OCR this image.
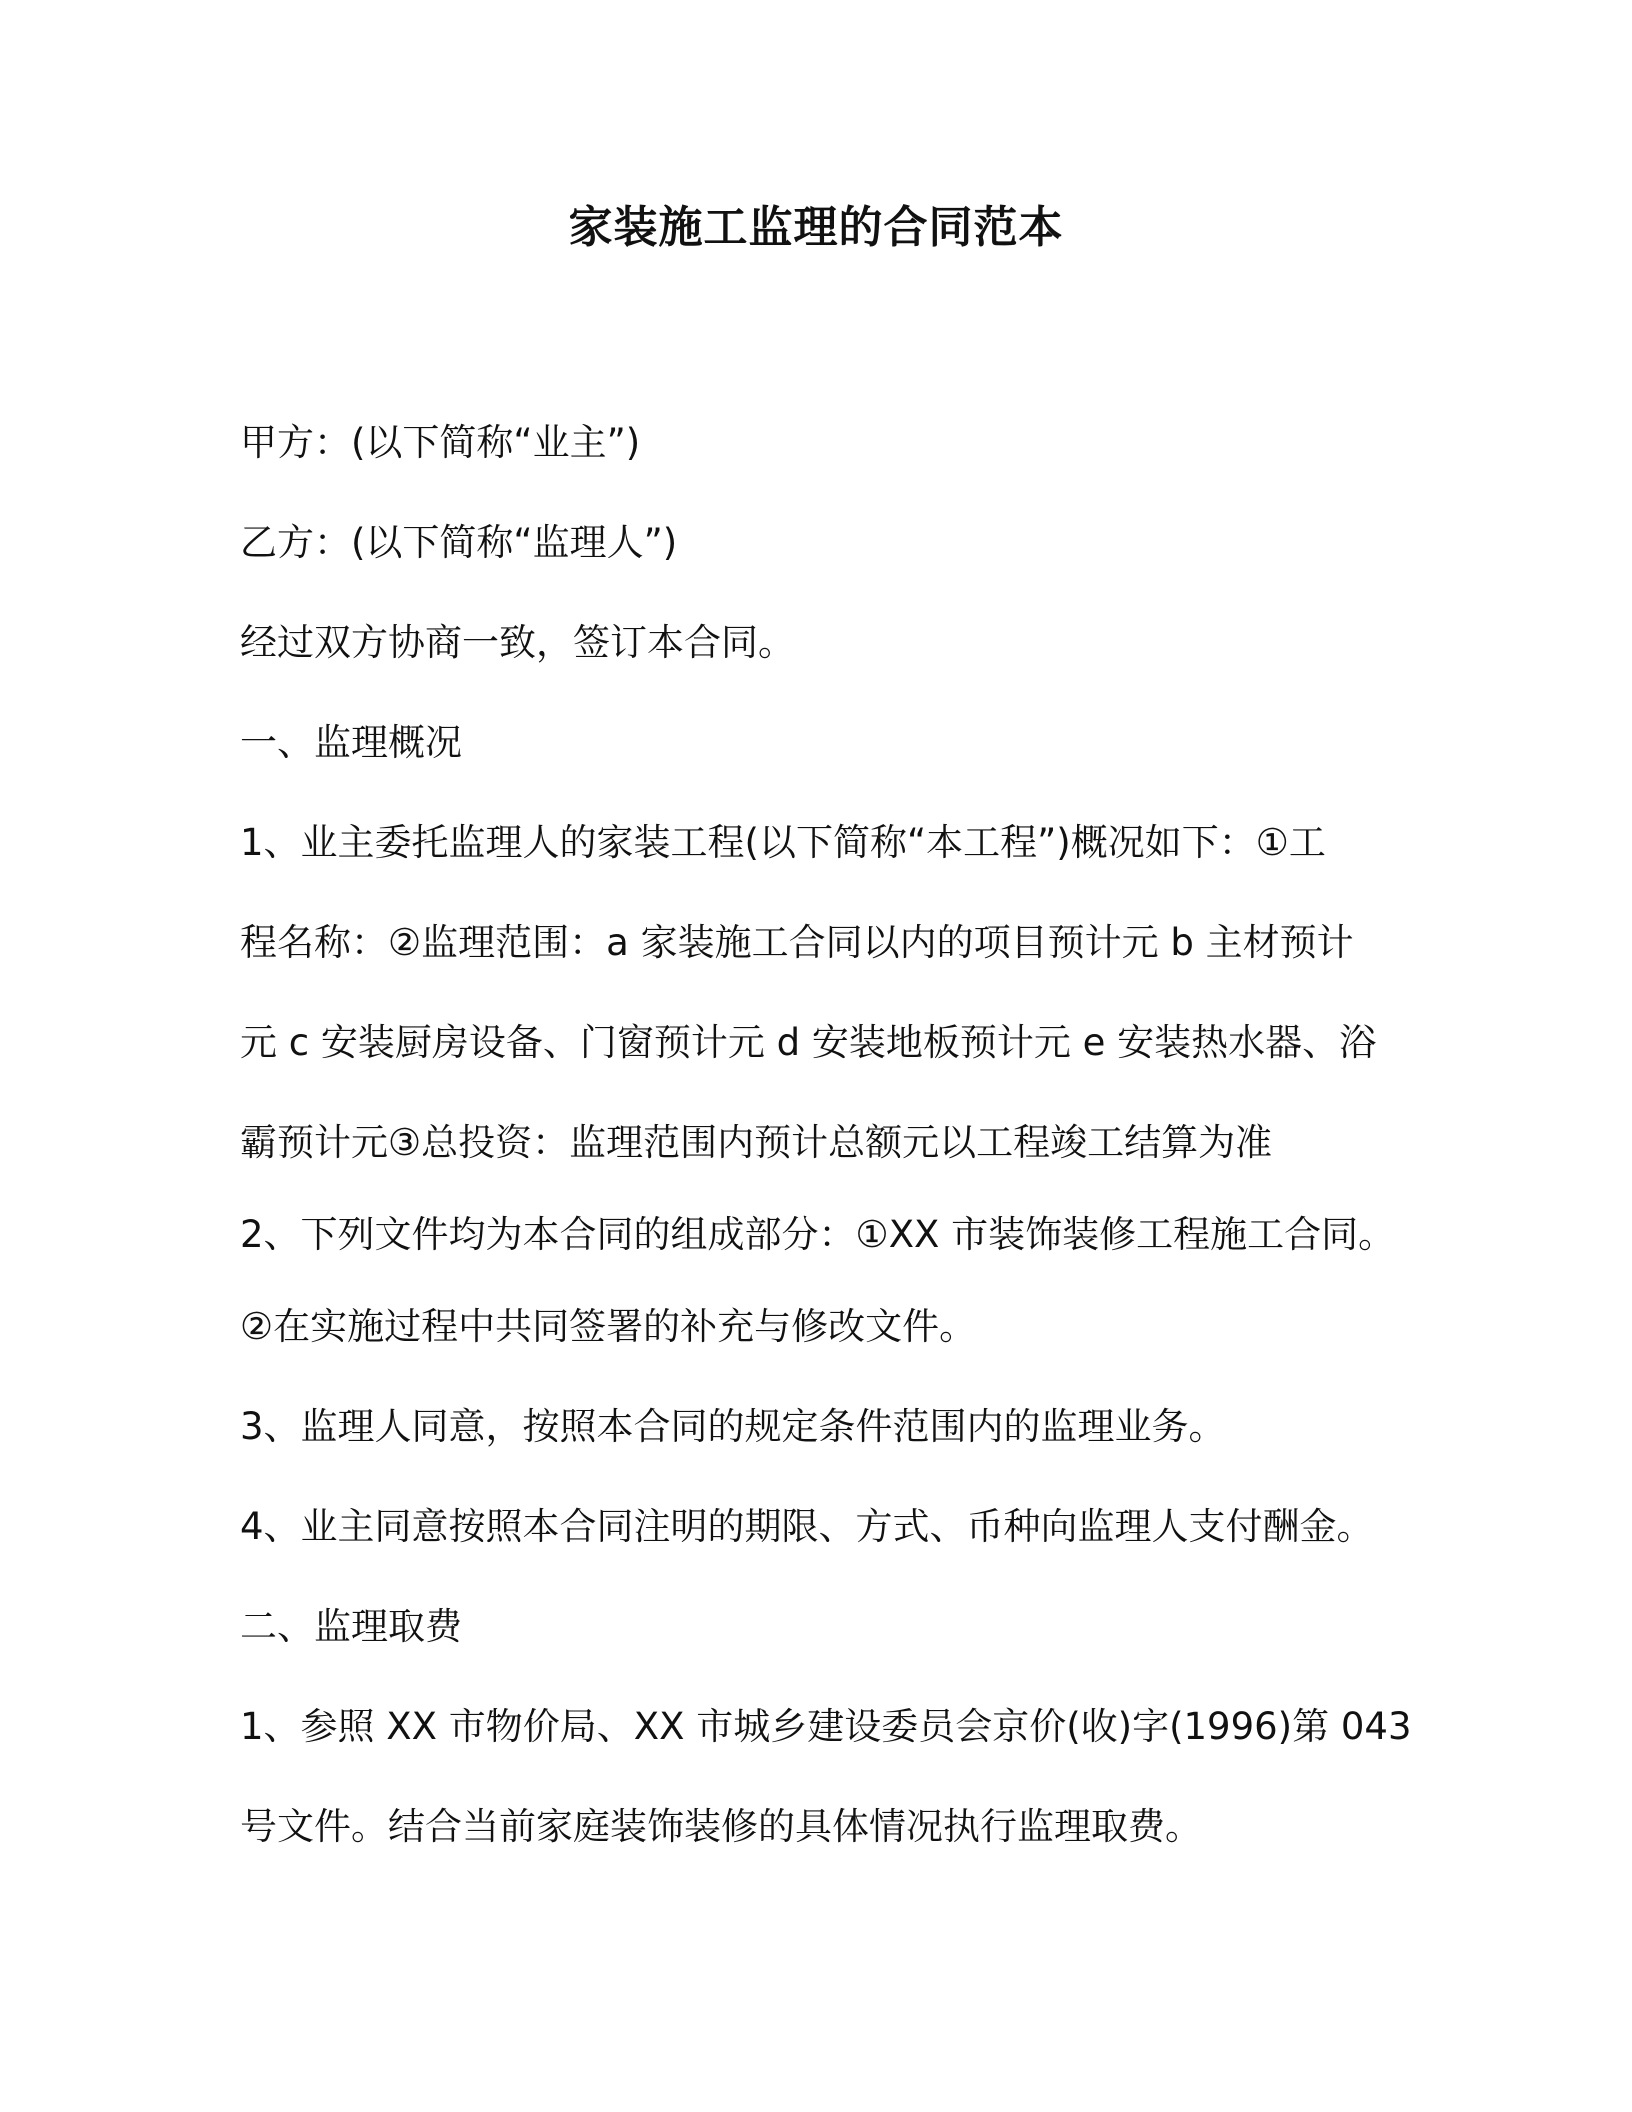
家装施工监理的合同范本

甲方：(以下简称“业主”)

乙方：(以下简称“监理人”)

经过双方协商一致，签订本合同。

一、监理概况

1、业主委托监理人的家装工程(以下简称“本工程”)概况如下：①工
程名称：②监理范围：a 家装施工合同以内的项目预计元 b 主材预计
元 c 安装厨房设备、门窗预计元 d 安装地板预计元 e 安装热水器、浴
霸预计元③总投资：监理范围内预计总额元以工程竣工结算为准
2、下列文件均为本合同的组成部分：①XX 市装饰装修工程施工合同。
②在实施过程中共同签署的补充与修改文件。

3、监理人同意，按照本合同的规定条件范围内的监理业务。

4、业主同意按照本合同注明的期限、方式、币种向监理人支付酬金。

二、监理取费

1、参照 XX 市物价局、XX 市城乡建设委员会京价(收)字(1996)第 043
号文件。结合当前家庭装饰装修的具体情况执行监理取费。
